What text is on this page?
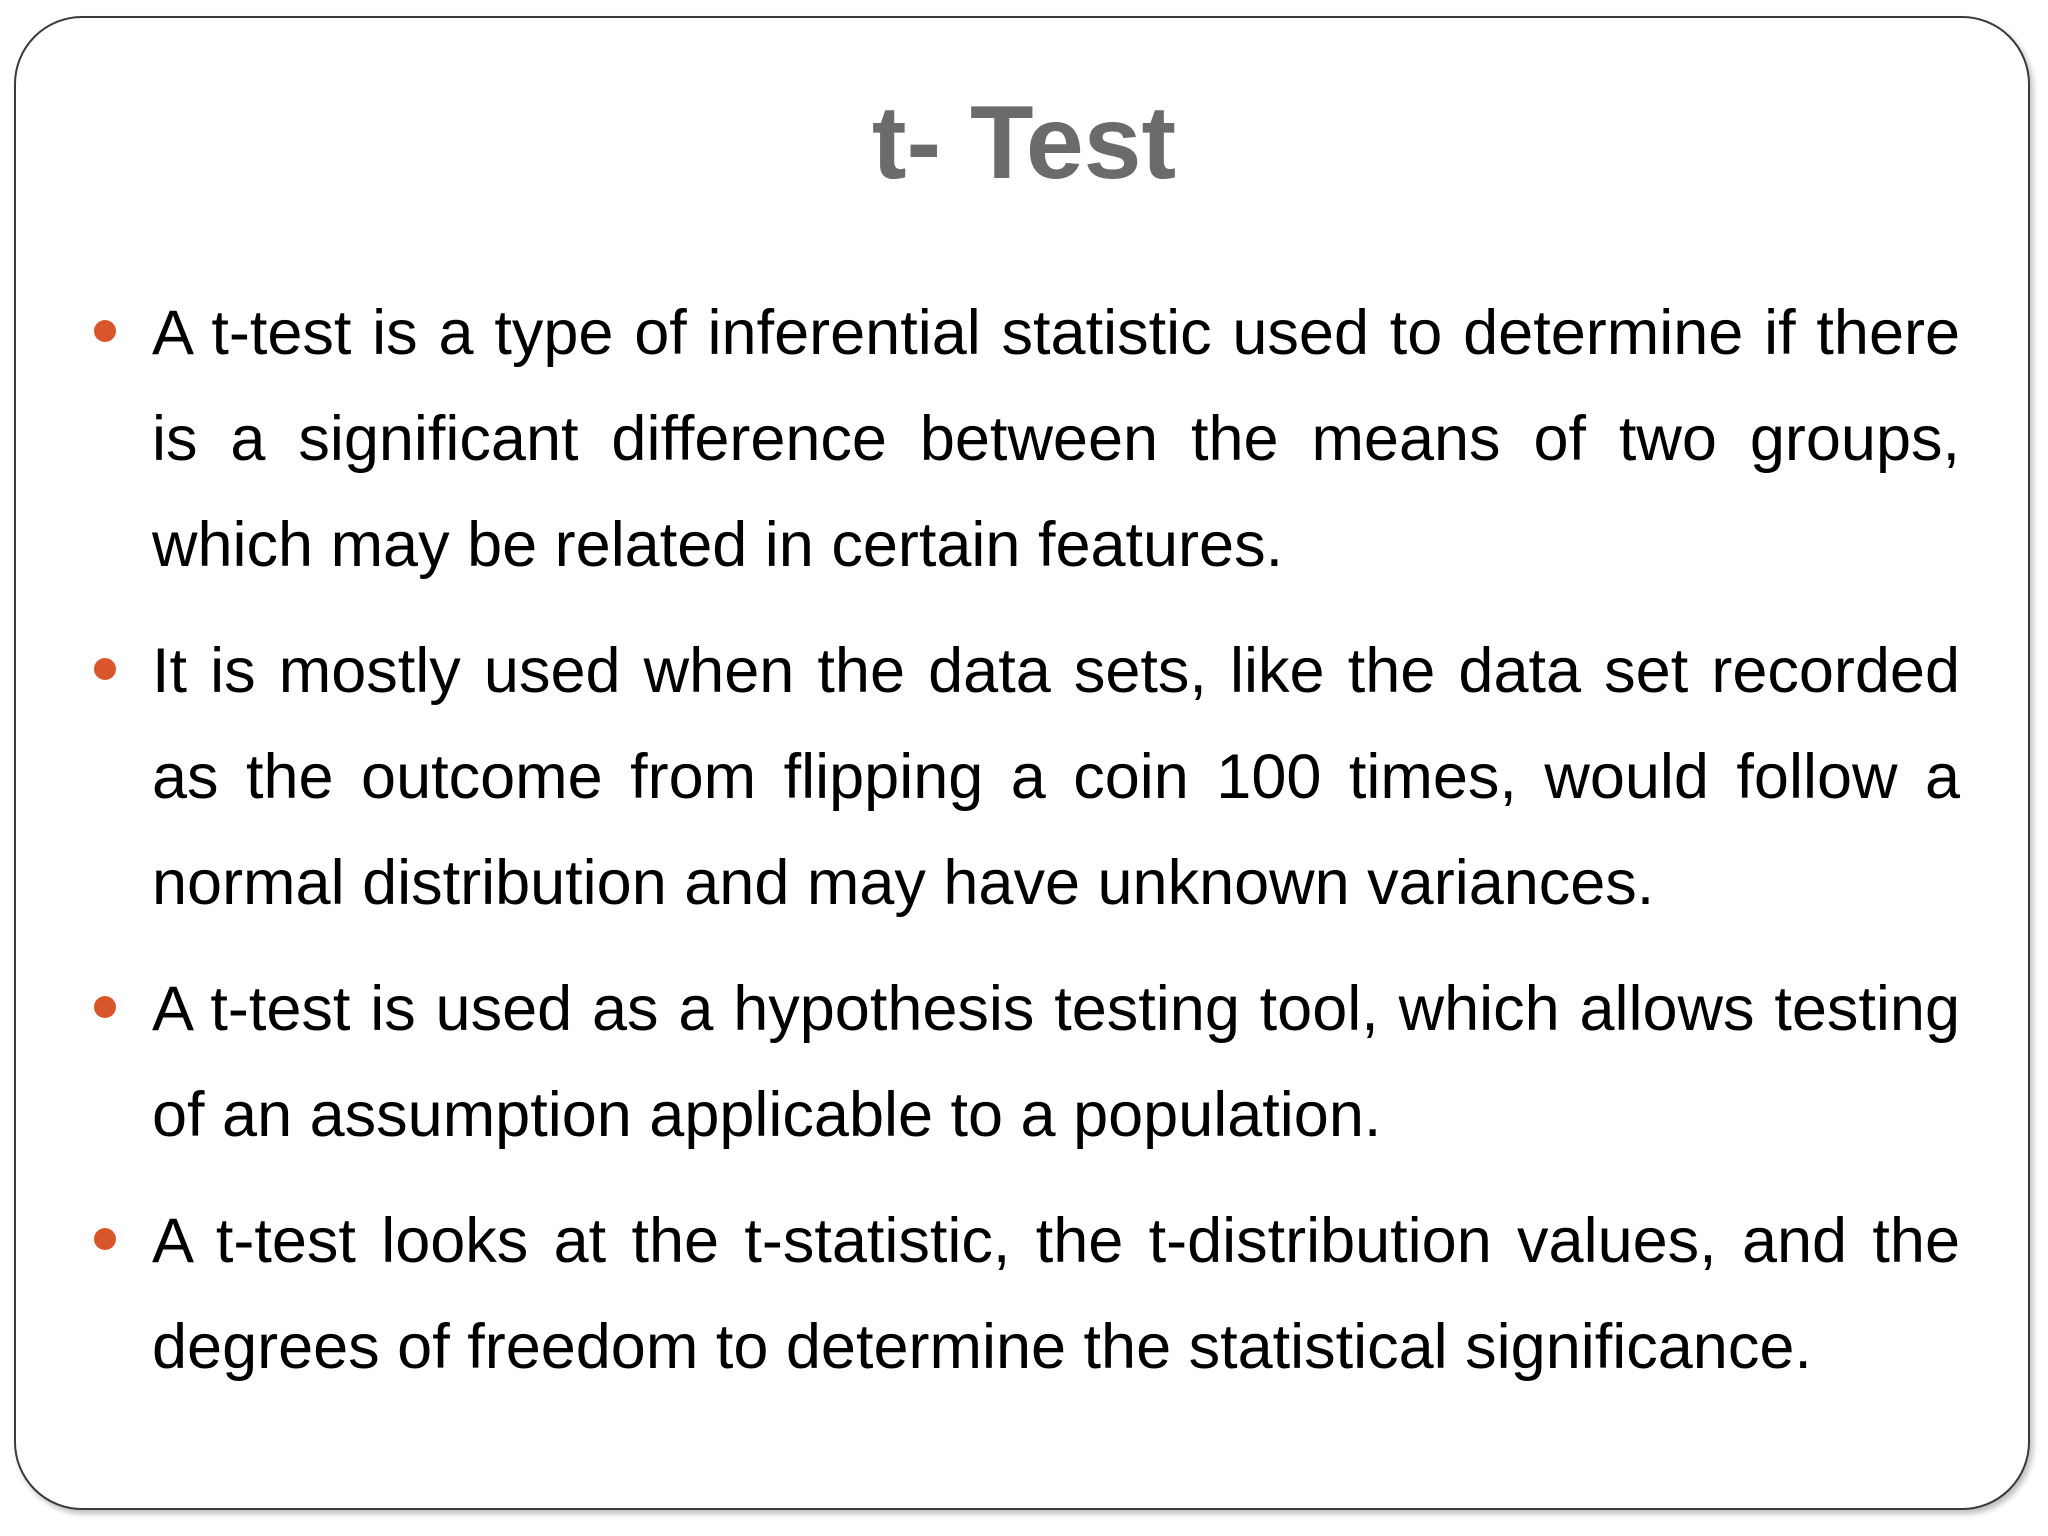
t- Test
A t-test is a type of inferential statistic used to determine if there is a significant difference between the means of two groups, which may be related in certain features.
It is mostly used when the data sets, like the data set recorded as the outcome from flipping a coin 100 times, would follow a normal distribution and may have unknown variances.
A t-test is used as a hypothesis testing tool, which allows testing of an assumption applicable to a population.
A t-test looks at the t-statistic, the t-distribution values, and the degrees of freedom to determine the statistical significance.
